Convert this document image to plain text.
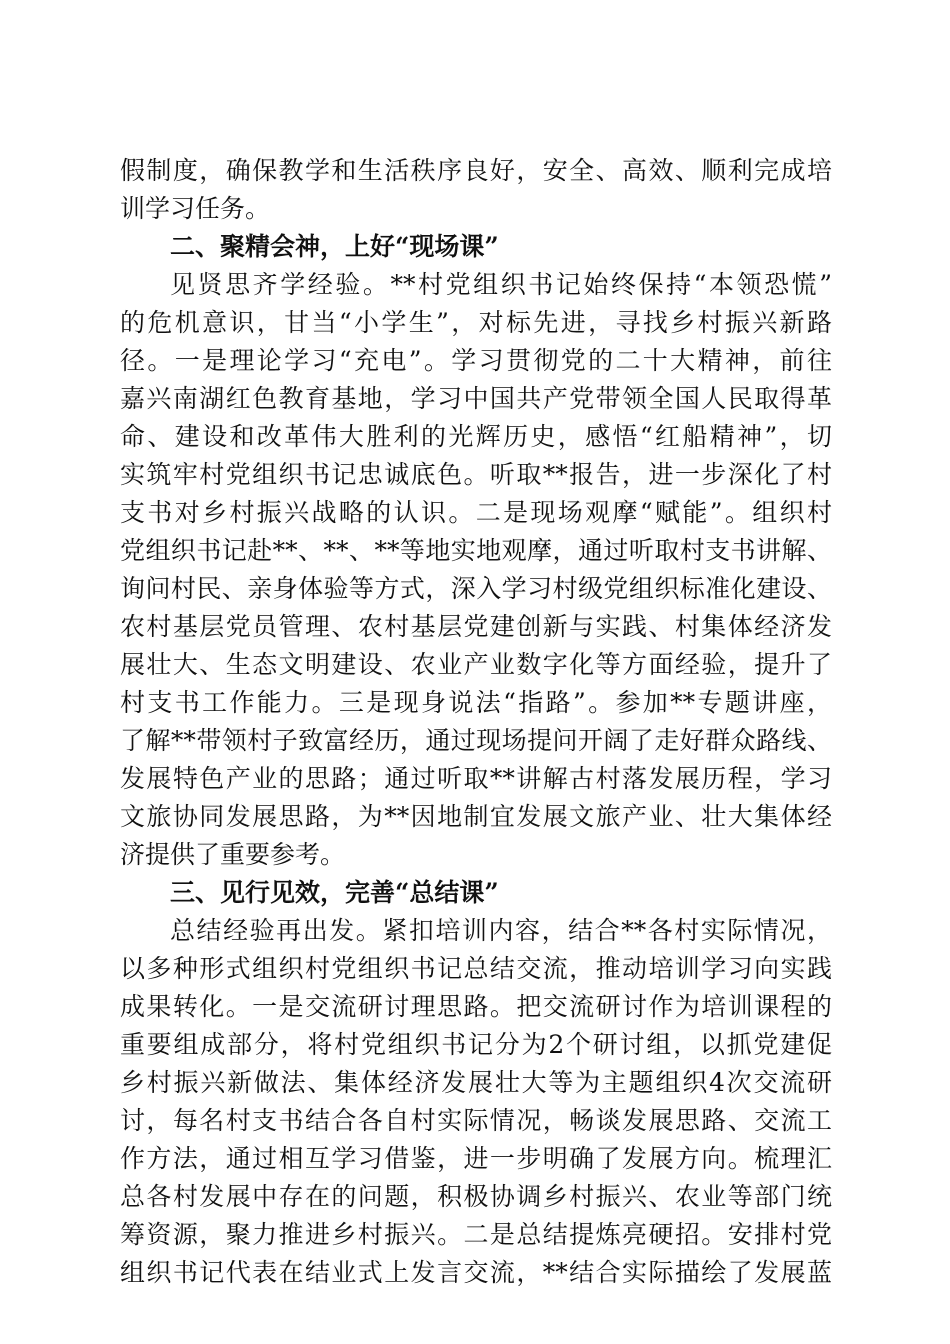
假制度，确保教学和生活秩序良好，安全、高效、顺利完成培
训学习任务。
二、聚精会神，上好“现场课”
见贤思齐学经验。**村党组织书记始终保持“本领恐慌”
的危机意识，甘当“小学生”，对标先进，寻找乡村振兴新路
径。一是理论学习“充电”。学习贯彻党的二十大精神，前往
嘉兴南湖红色教育基地，学习中国共产党带领全国人民取得革
命、建设和改革伟大胜利的光辉历史，感悟“红船精神”，切
实筑牢村党组织书记忠诚底色。听取**报告，进一步深化了村
支书对乡村振兴战略的认识。二是现场观摩“赋能”。组织村
党组织书记赴**、**、**等地实地观摩，通过听取村支书讲解、
询问村民、亲身体验等方式，深入学习村级党组织标准化建设、
农村基层党员管理、农村基层党建创新与实践、村集体经济发
展壮大、生态文明建设、农业产业数字化等方面经验，提升了
村支书工作能力。三是现身说法“指路”。参加**专题讲座，
了解**带领村子致富经历，通过现场提问开阔了走好群众路线、
发展特色产业的思路；通过听取**讲解古村落发展历程，学习
文旅协同发展思路，为**因地制宜发展文旅产业、壮大集体经
济提供了重要参考。
三、见行见效，完善“总结课”
总结经验再出发。紧扣培训内容，结合**各村实际情况，
以多种形式组织村党组织书记总结交流，推动培训学习向实践
成果转化。一是交流研讨理思路。把交流研讨作为培训课程的
重要组成部分，将村党组织书记分为2个研讨组，以抓党建促
乡村振兴新做法、集体经济发展壮大等为主题组织4次交流研
讨，每名村支书结合各自村实际情况，畅谈发展思路、交流工
作方法，通过相互学习借鉴，进一步明确了发展方向。梳理汇
总各村发展中存在的问题，积极协调乡村振兴、农业等部门统
筹资源，聚力推进乡村振兴。二是总结提炼亮硬招。安排村党
组织书记代表在结业式上发言交流，**结合实际描绘了发展蓝
